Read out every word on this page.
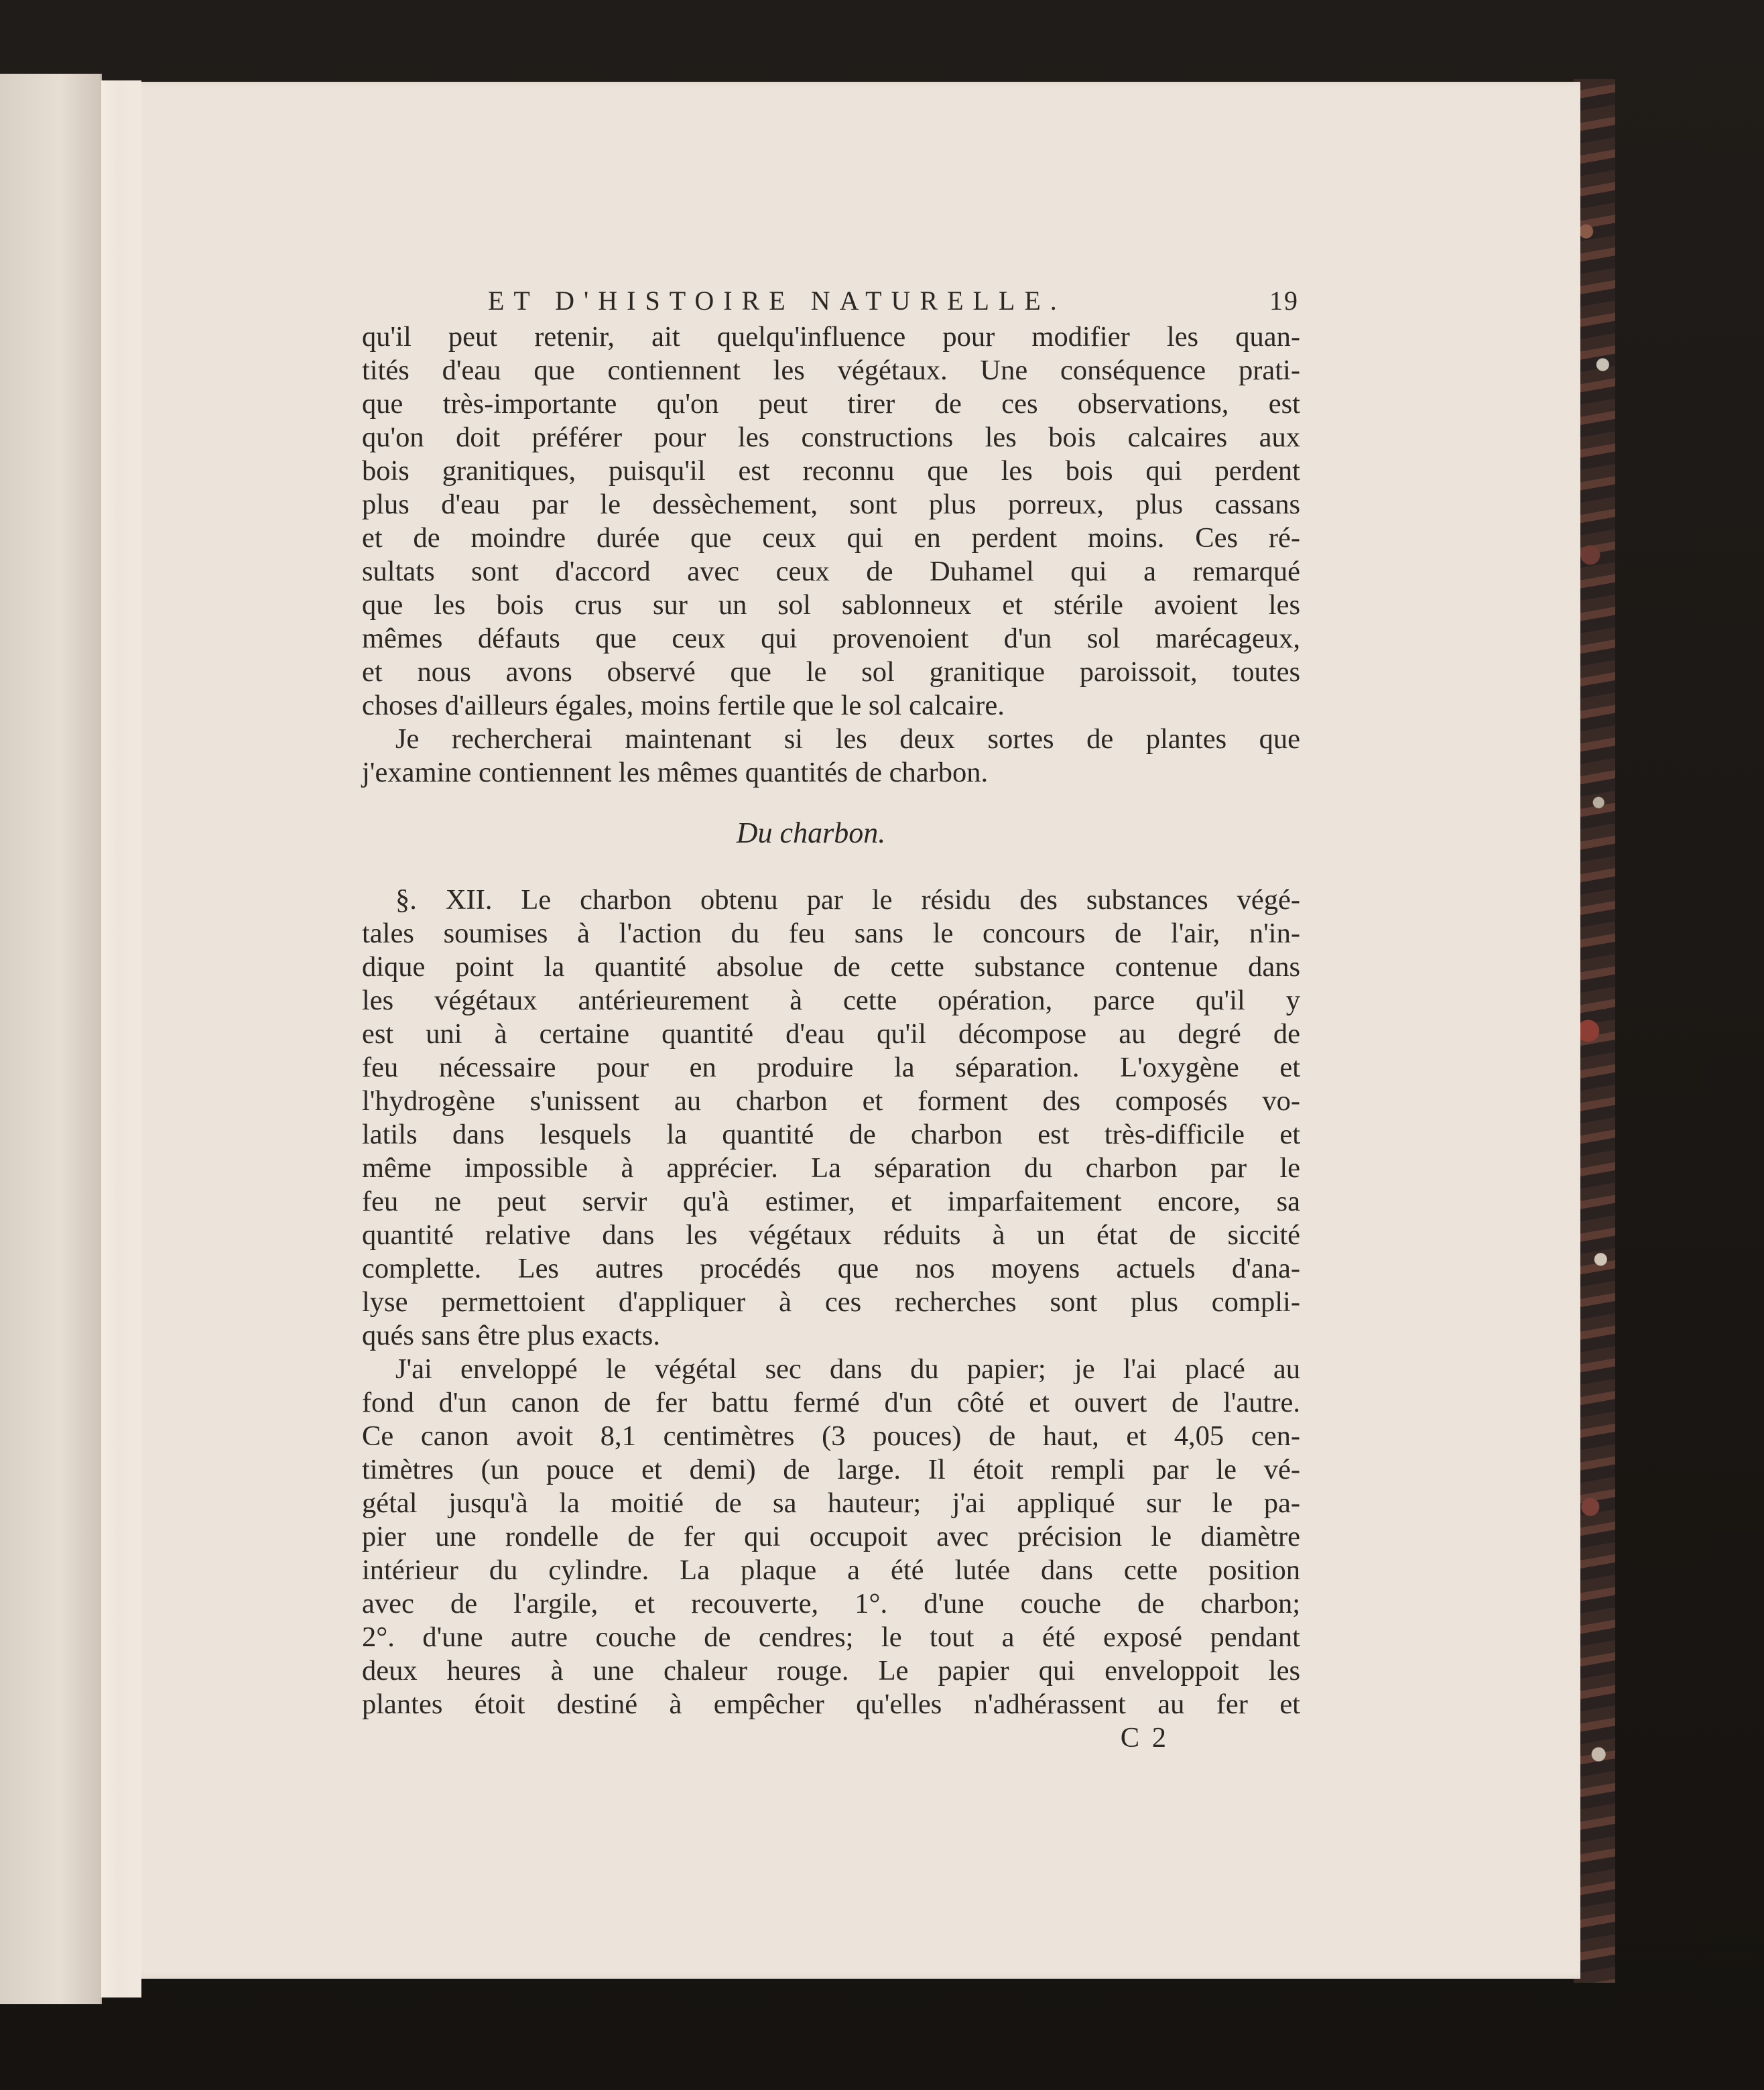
ET D'HISTOIRE NATURELLE.	19
qu'il peut retenir, ait quelqu'influence pour modifier les quan-
tités d'eau que contiennent les végétaux. Une conséquence prati-
que très-importante qu'on peut tirer de ces observations, est
qu'on doit préférer pour les constructions les bois calcaires aux
bois granitiques, puisqu'il est reconnu que les bois qui perdent
plus d'eau par le dessèchement, sont plus porreux, plus cassans
et de moindre durée que ceux qui en perdent moins. Ces ré-
sultats sont d'accord avec ceux de Duhamel qui a remarqué
que les bois crus sur un sol sablonneux et stérile avoient les
mêmes défauts que ceux qui provenoient d'un sol marécageux,
et nous avons observé que le sol granitique paroissoit, toutes
choses d'ailleurs égales, moins fertile que le sol calcaire.
Je rechercherai maintenant si les deux sortes de plantes que
j'examine contiennent les mêmes quantités de charbon.
Du charbon.
§. XII. Le charbon obtenu par le résidu des substances végé-
tales soumises à l'action du feu sans le concours de l'air, n'in-
dique point la quantité absolue de cette substance contenue dans
les végétaux antérieurement à cette opération, parce qu'il y
est uni à certaine quantité d'eau qu'il décompose au degré de
feu nécessaire pour en produire la séparation. L'oxygène et
l'hydrogène s'unissent au charbon et forment des composés vo-
latils dans lesquels la quantité de charbon est très-difficile et
même impossible à apprécier. La séparation du charbon par le
feu ne peut servir qu'à estimer, et imparfaitement encore, sa
quantité relative dans les végétaux réduits à un état de siccité
complette. Les autres procédés que nos moyens actuels d'ana-
lyse permettoient d'appliquer à ces recherches sont plus compli-
qués sans être plus exacts.
J'ai enveloppé le végétal sec dans du papier; je l'ai placé au
fond d'un canon de fer battu fermé d'un côté et ouvert de l'autre.
Ce canon avoit 8,1 centimètres (3 pouces) de haut, et 4,05 cen-
timètres (un pouce et demi) de large. Il étoit rempli par le vé-
gétal jusqu'à la moitié de sa hauteur; j'ai appliqué sur le pa-
pier une rondelle de fer qui occupoit avec précision le diamètre
intérieur du cylindre. La plaque a été lutée dans cette position
avec de l'argile, et recouverte, 1°. d'une couche de charbon;
2°. d'une autre couche de cendres; le tout a été exposé pendant
deux heures à une chaleur rouge. Le papier qui enveloppoit les
plantes étoit destiné à empêcher qu'elles n'adhérassent au fer et
C 2
